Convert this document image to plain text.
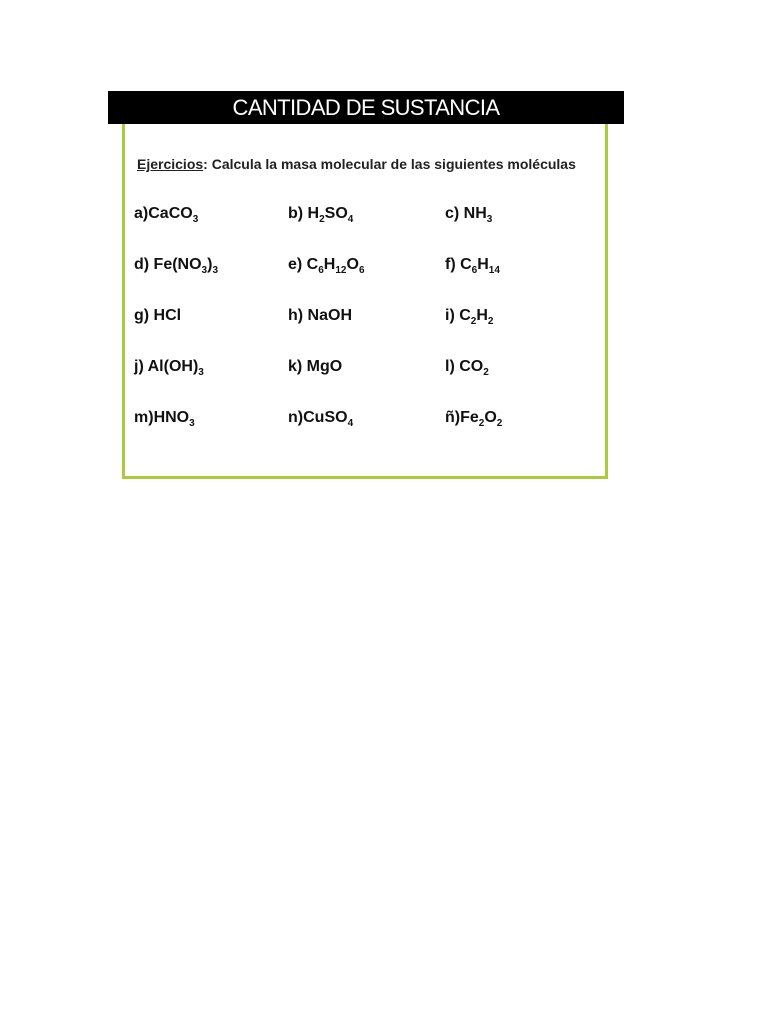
CANTIDAD DE SUSTANCIA
Ejercicios: Calcula la masa molecular de las siguientes moléculas
a)CaCO$_3$	b) $H_2SO_4$	c) $NH_3$
d) $Fe(NO_3)_3$	e) $C_6H_{12}O_6$	f) $C_6H_{14}$
g) HCl	h) NaOH	i) $C_2H_2$
j) $Al(OH)_3$	k) MgO	l) $CO_2$
$m)HNO_3$	n)CuSO$_4$	$ñ)Fe_2O_2$
